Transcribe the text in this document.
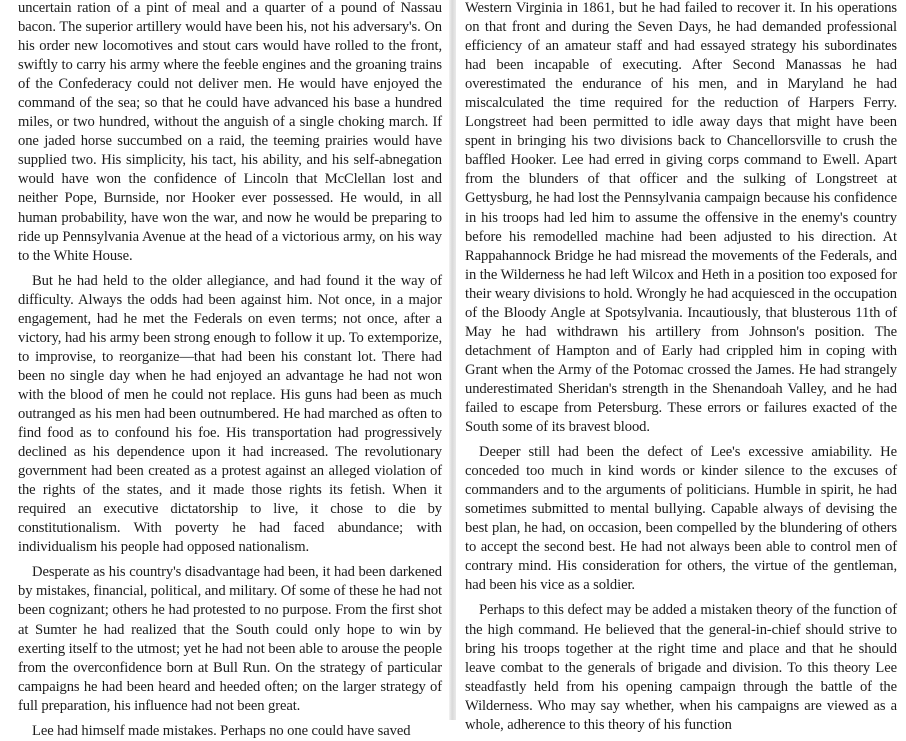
uncertain ration of a pint of meal and a quarter of a pound of Nassau bacon. The superior artillery would have been his, not his adversary's. On his order new locomotives and stout cars would have rolled to the front, swiftly to carry his army where the feeble engines and the groaning trains of the Confederacy could not deliver men. He would have enjoyed the command of the sea; so that he could have advanced his base a hundred miles, or two hundred, without the anguish of a single choking march. If one jaded horse succumbed on a raid, the teeming prairies would have supplied two. His simplicity, his tact, his ability, and his self-abnegation would have won the confidence of Lincoln that McClellan lost and neither Pope, Burnside, nor Hooker ever possessed. He would, in all human probability, have won the war, and now he would be preparing to ride up Pennsylvania Avenue at the head of a victorious army, on his way to the White House.

But he had held to the older allegiance, and had found it the way of difficulty. Always the odds had been against him. Not once, in a major engagement, had he met the Federals on even terms; not once, after a victory, had his army been strong enough to follow it up. To extemporize, to improvise, to reorganize—that had been his constant lot. There had been no single day when he had enjoyed an advantage he had not won with the blood of men he could not replace. His guns had been as much outranged as his men had been outnumbered. He had marched as often to find food as to confound his foe. His transportation had progressively declined as his dependence upon it had increased. The revolutionary government had been created as a protest against an alleged violation of the rights of the states, and it made those rights its fetish. When it required an executive dictatorship to live, it chose to die by constitutionalism. With poverty he had faced abundance; with individualism his people had opposed nationalism.

Desperate as his country's disadvantage had been, it had been darkened by mistakes, financial, political, and military. Of some of these he had not been cognizant; others he had protested to no purpose. From the first shot at Sumter he had realized that the South could only hope to win by exerting itself to the utmost; yet he had not been able to arouse the people from the overconfidence born at Bull Run. On the strategy of particular campaigns he had been heard and heeded often; on the larger strategy of full preparation, his influence had not been great.

Lee had himself made mistakes. Perhaps no one could have saved

Western Virginia in 1861, but he had failed to recover it. In his operations on that front and during the Seven Days, he had demanded professional efficiency of an amateur staff and had essayed strategy his subordinates had been incapable of executing. After Second Manassas he had overestimated the endurance of his men, and in Maryland he had miscalculated the time required for the reduction of Harpers Ferry. Longstreet had been permitted to idle away days that might have been spent in bringing his two divisions back to Chancellorsville to crush the baffled Hooker. Lee had erred in giving corps command to Ewell. Apart from the blunders of that officer and the sulking of Longstreet at Gettysburg, he had lost the Pennsylvania campaign because his confidence in his troops had led him to assume the offensive in the enemy's country before his remodelled machine had been adjusted to his direction. At Rappahannock Bridge he had misread the movements of the Federals, and in the Wilderness he had left Wilcox and Heth in a position too exposed for their weary divisions to hold. Wrongly he had acquiesced in the occupation of the Bloody Angle at Spotsylvania. Incautiously, that blusterous 11th of May he had withdrawn his artillery from Johnson's position. The detachment of Hampton and of Early had crippled him in coping with Grant when the Army of the Potomac crossed the James. He had strangely underestimated Sheridan's strength in the Shenandoah Valley, and he had failed to escape from Petersburg. These errors or failures exacted of the South some of its bravest blood.

Deeper still had been the defect of Lee's excessive amiability. He conceded too much in kind words or kinder silence to the excuses of commanders and to the arguments of politicians. Humble in spirit, he had sometimes submitted to mental bullying. Capable always of devising the best plan, he had, on occasion, been compelled by the blundering of others to accept the second best. He had not always been able to control men of contrary mind. His consideration for others, the virtue of the gentleman, had been his vice as a soldier.

Perhaps to this defect may be added a mistaken theory of the function of the high command. He believed that the general-in-chief should strive to bring his troops together at the right time and place and that he should leave combat to the generals of brigade and division. To this theory Lee steadfastly held from his opening campaign through the battle of the Wilderness. Who may say whether, when his campaigns are viewed as a whole, adherence to this theory of his function
